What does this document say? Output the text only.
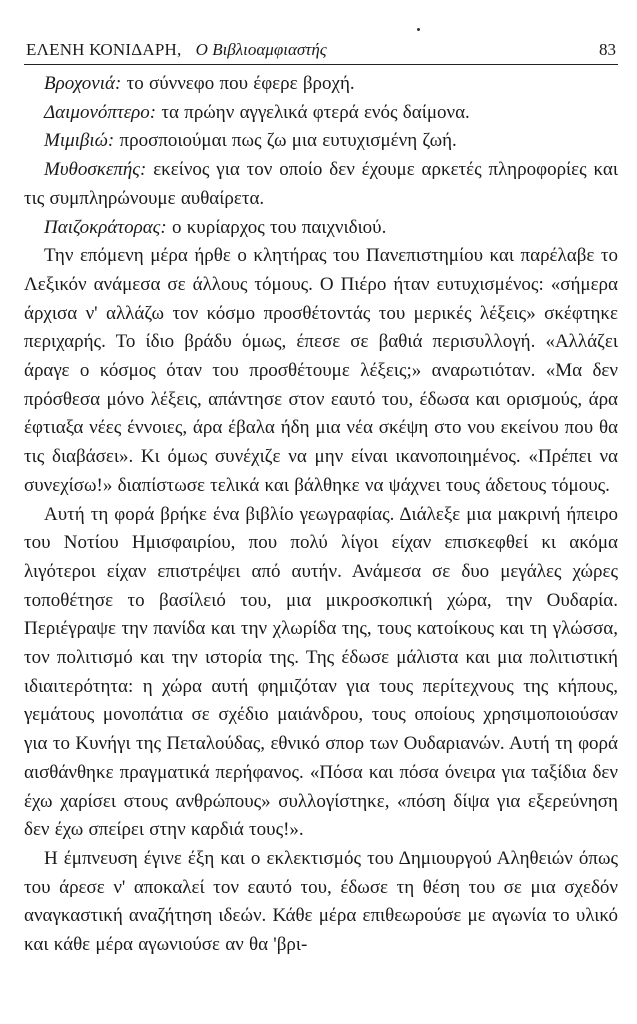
ΕΛΕΝΗ ΚΟΝΙΔΑΡΗ, Ο Βιβλιοαμφιαστής	83

Βροχονιά: το σύννεφο που έφερε βροχή.

Δαιμονόπτερο: τα πρώην αγγελικά φτερά ενός δαίμονα.

Μιμιβιώ: προσποιούμαι πως ζω μια ευτυχισμένη ζωή.

Μυθοσκεπής: εκείνος για τον οποίο δεν έχουμε αρκετές πληροφορίες και τις συμπληρώνουμε αυθαίρετα.

Παιζοκράτορας: ο κυρίαρχος του παιχνιδιού.

Την επόμενη μέρα ήρθε ο κλητήρας του Πανεπιστημίου και παρέλαβε το Λεξικόν ανάμεσα σε άλλους τόμους. Ο Πιέρο ήταν ευτυχισμένος: «σήμερα άρχισα ν' αλλάζω τον κόσμο προσθέτοντάς του μερικές λέξεις» σκέφτηκε περιχαρής. Το ίδιο βράδυ όμως, έπεσε σε βαθιά περισυλλογή. «Αλλάζει άραγε ο κόσμος όταν του προσθέτουμε λέξεις;» αναρωτιόταν. «Μα δεν πρόσθεσα μόνο λέξεις, απάντησε στον εαυτό του, έδωσα και ορισμούς, άρα έφτιαξα νέες έννοιες, άρα έβαλα ήδη μια νέα σκέψη στο νου εκείνου που θα τις διαβάσει». Κι όμως συνέχιζε να μην είναι ικανοποιημένος. «Πρέπει να συνεχίσω!» διαπίστωσε τελικά και βάλθηκε να ψάχνει τους άδετους τόμους.

Αυτή τη φορά βρήκε ένα βιβλίο γεωγραφίας. Διάλεξε μια μακρινή ήπειρο του Νοτίου Ημισφαιρίου, που πολύ λίγοι είχαν επισκεφθεί κι ακόμα λιγότεροι είχαν επιστρέψει από αυτήν. Ανάμεσα σε δυο μεγάλες χώρες τοποθέτησε το βασίλειό του, μια μικροσκοπική χώρα, την Ουδαρία. Περιέγραψε την πανίδα και την χλωρίδα της, τους κατοίκους και τη γλώσσα, τον πολιτισμό και την ιστορία της. Της έδωσε μάλιστα και μια πολιτιστική ιδιαιτερότητα: η χώρα αυτή φημιζόταν για τους περίτεχνους της κήπους, γεμάτους μονοπάτια σε σχέδιο μαιάνδρου, τους οποίους χρησιμοποιούσαν για το Κυνήγι της Πεταλούδας, εθνικό σπορ των Ουδαριανών. Αυτή τη φορά αισθάνθηκε πραγματικά περήφανος. «Πόσα και πόσα όνειρα για ταξίδια δεν έχω χαρίσει στους ανθρώπους» συλλογίστηκε, «πόση δίψα για εξερεύνηση δεν έχω σπείρει στην καρδιά τους!».

Η έμπνευση έγινε έξη και ο εκλεκτισμός του Δημιουργού Αληθειών όπως του άρεσε ν' αποκαλεί τον εαυτό του, έδωσε τη θέση του σε μια σχεδόν αναγκαστική αναζήτηση ιδεών. Κάθε μέρα επιθεωρούσε με αγωνία το υλικό και κάθε μέρα αγωνιούσε αν θα 'βρι-
